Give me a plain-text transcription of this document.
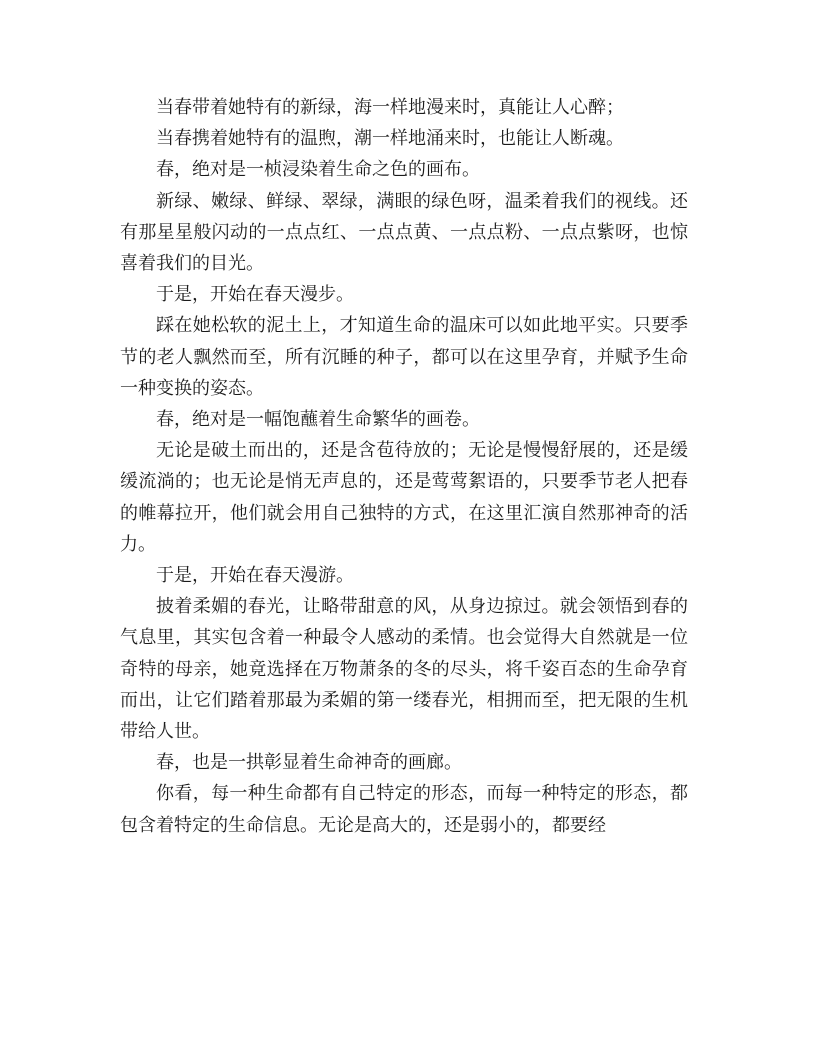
当春带着她特有的新绿，海一样地漫来时，真能让人心醉；

当春携着她特有的温煦，潮一样地涌来时，也能让人断魂。

春，绝对是一桢浸染着生命之色的画布。

新绿、嫩绿、鲜绿、翠绿，满眼的绿色呀，温柔着我们的视线。还有那星星般闪动的一点点红、一点点黄、一点点粉、一点点紫呀，也惊喜着我们的目光。

于是，开始在春天漫步。

踩在她松软的泥土上，才知道生命的温床可以如此地平实。只要季节的老人飘然而至，所有沉睡的种子，都可以在这里孕育，并赋予生命一种变换的姿态。

春，绝对是一幅饱蘸着生命繁华的画卷。

无论是破土而出的，还是含苞待放的；无论是慢慢舒展的，还是缓缓流淌的；也无论是悄无声息的，还是莺莺絮语的，只要季节老人把春的帷幕拉开，他们就会用自己独特的方式，在这里汇演自然那神奇的活力。

于是，开始在春天漫游。

披着柔媚的春光，让略带甜意的风，从身边掠过。就会领悟到春的气息里，其实包含着一种最令人感动的柔情。也会觉得大自然就是一位奇特的母亲，她竟选择在万物萧条的冬的尽头，将千姿百态的生命孕育而出，让它们踏着那最为柔媚的第一缕春光，相拥而至，把无限的生机带给人世。

春，也是一拱彰显着生命神奇的画廊。

你看，每一种生命都有自己特定的形态，而每一种特定的形态，都包含着特定的生命信息。无论是高大的，还是弱小的，都要经
